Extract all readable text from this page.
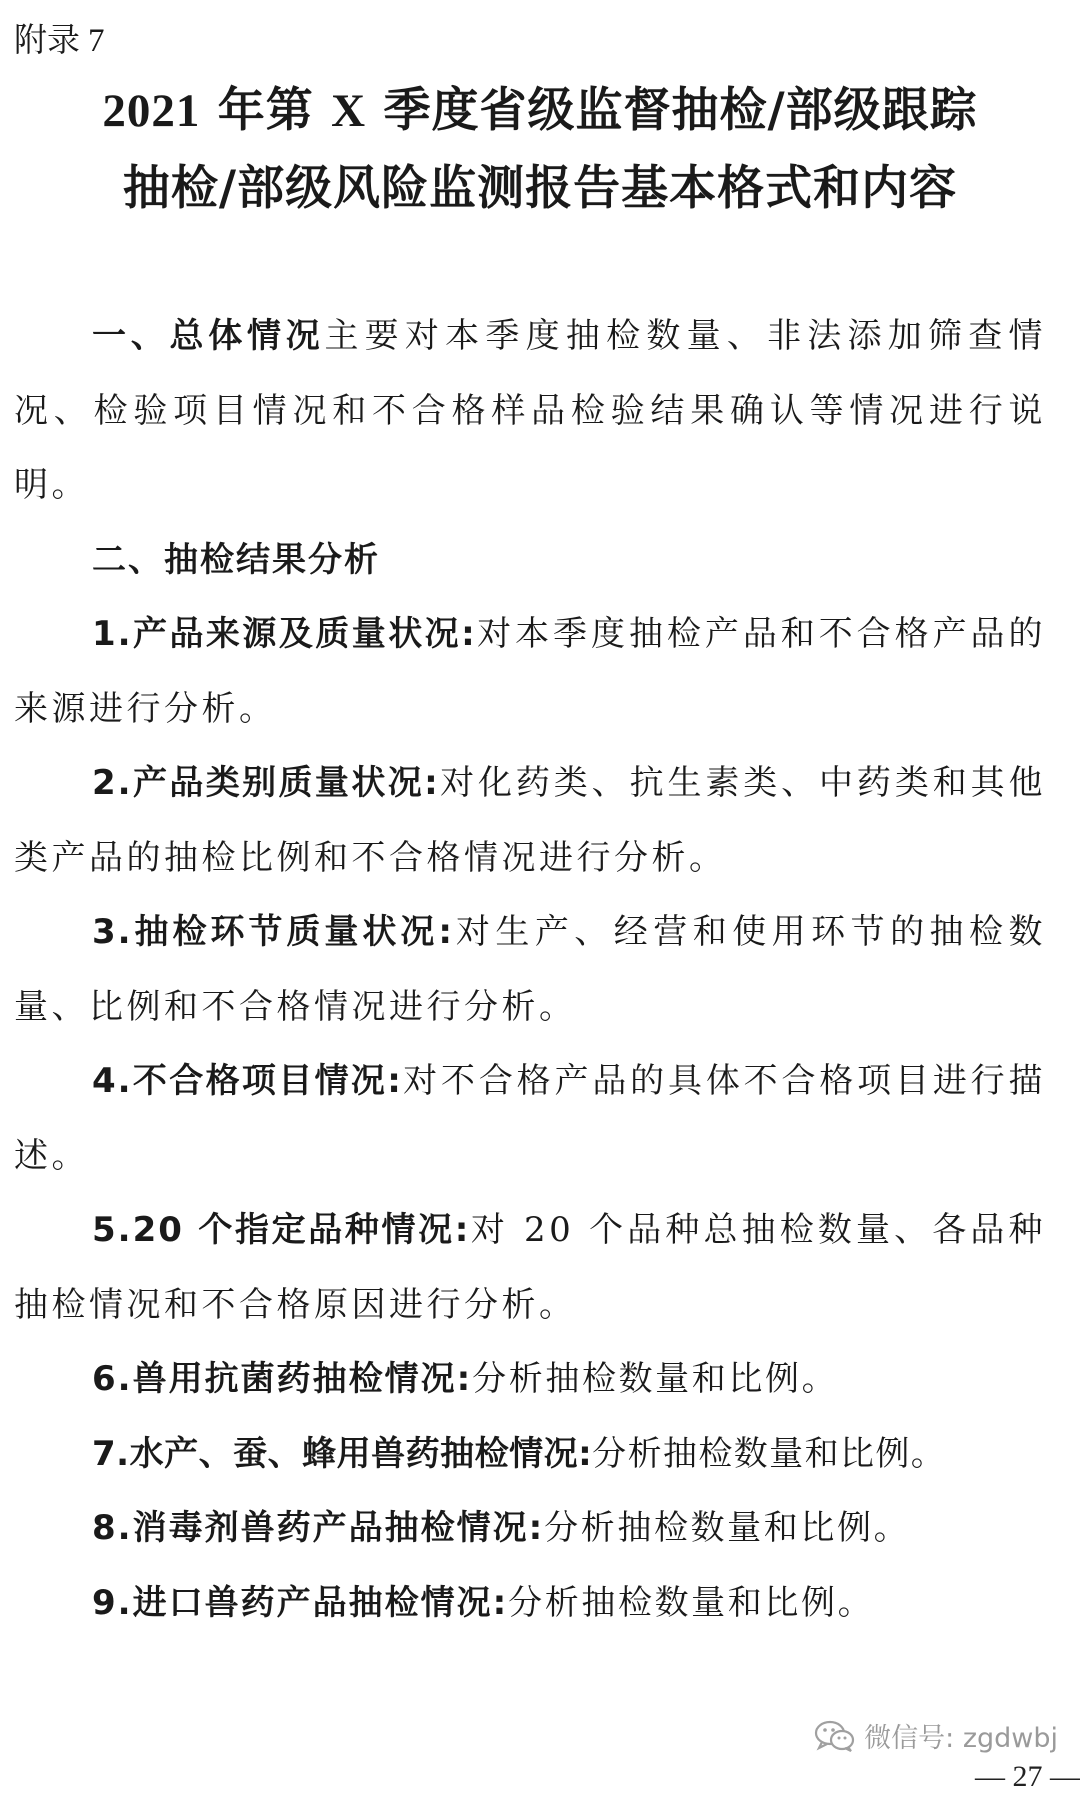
附录 7
2021 年第 X 季度省级监督抽检/部级跟踪
抽检/部级风险监测报告基本格式和内容

一、总体情况主要对本季度抽检数量、非法添加筛查情况、检验项目情况和不合格样品检验结果确认等情况进行说明。

二、抽检结果分析

1.产品来源及质量状况:对本季度抽检产品和不合格产品的来源进行分析。

2.产品类别质量状况:对化药类、抗生素类、中药类和其他类产品的抽检比例和不合格情况进行分析。

3.抽检环节质量状况:对生产、经营和使用环节的抽检数量、比例和不合格情况进行分析。

4.不合格项目情况:对不合格产品的具体不合格项目进行描述。

5.20 个指定品种情况:对 20 个品种总抽检数量、各品种抽检情况和不合格原因进行分析。

6.兽用抗菌药抽检情况:分析抽检数量和比例。

7.水产、蚕、蜂用兽药抽检情况:分析抽检数量和比例。

8.消毒剂兽药产品抽检情况:分析抽检数量和比例。

9.进口兽药产品抽检情况:分析抽检数量和比例。

微信号: zgdwbj
— 27 —
